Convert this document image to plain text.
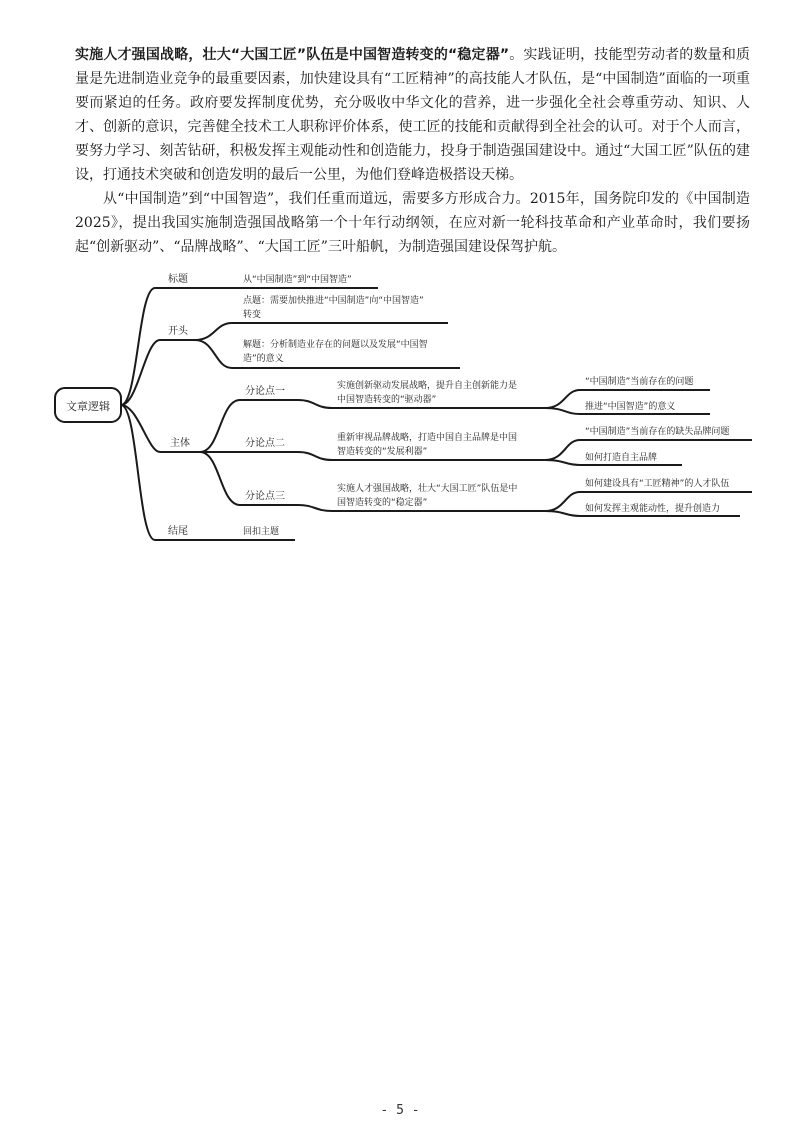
实施人才强国战略，壮大“大国工匠”队伍是中国智造转变的“稳定器”。实践证明，技能型劳动者的数量和质量是先进制造业竞争的最重要因素，加快建设具有“工匠精神”的高技能人才队伍，是“中国制造”面临的一项重要而紧迫的任务。政府要发挥制度优势，充分吸收中华文化的营养，进一步强化全社会尊重劳动、知识、人才、创新的意识，完善健全技术工人职称评价体系，使工匠的技能和贡献得到全社会的认可。对于个人而言，要努力学习、刻苦钻研，积极发挥主观能动性和创造能力，投身于制造强国建设中。通过“大国工匠”队伍的建设，打通技术突破和创造发明的最后一公里，为他们登峰造极搭设天梯。

从“中国制造”到“中国智造”，我们任重而道远，需要多方形成合力。2015年，国务院印发的《中国制造2025》，提出我国实施制造强国战略第一个十年行动纲领，在应对新一轮科技革命和产业革命时，我们要扬起“创新驱动”、“品牌战略”、“大国工匠”三叶船帆，为制造强国建设保驾护航。

文章逻辑
标题
开头
主体
结尾
从“中国制造”到“中国智造”
回扣主题
点题：需要加快推进“中国制造”向“中国智造”
转变
解题：分析制造业存在的问题以及发展“中国智
造”的意义
分论点一
分论点二
分论点三
实施创新驱动发展战略，提升自主创新能力是
中国智造转变的“驱动器”
重新审视品牌战略，打造中国自主品牌是中国
智造转变的“发展利器”
实施人才强国战略，壮大“大国工匠”队伍是中
国智造转变的“稳定器”
“中国制造”当前存在的问题
推进“中国智造”的意义
“中国制造”当前存在的缺失品牌问题
如何打造自主品牌
如何建设具有“工匠精神”的人才队伍
如何发挥主观能动性，提升创造力
- 5 -
